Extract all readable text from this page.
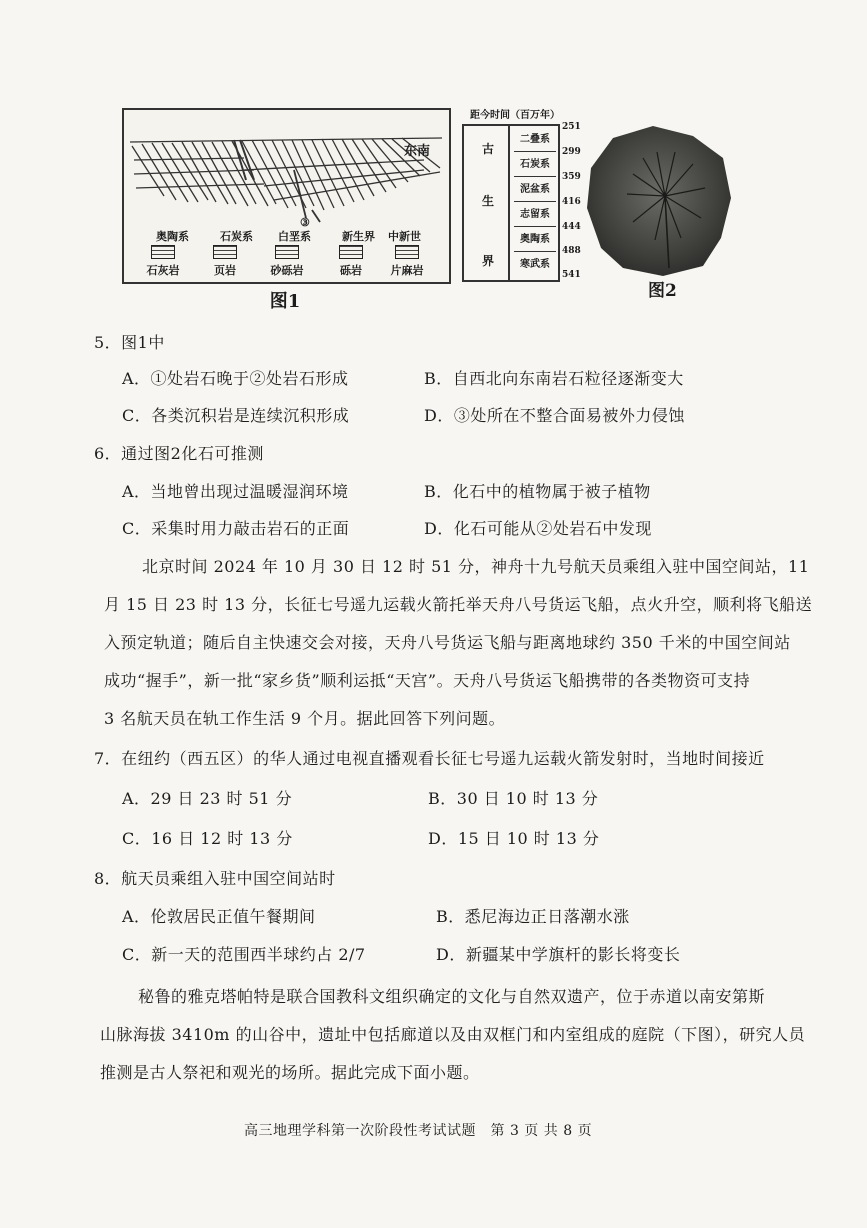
③
东南
奥陶系	石炭系 白垩系	新生界 中新世
石灰岩	页岩	砂砾岩	砾岩	片麻岩
图1
距今时间（百万年）
古
生
界
二叠系
石炭系
泥盆系
志留系
奥陶系
寒武系
251
299
359
416
444
488
541
图2
5．图1中
A．①处岩石晚于②处岩石形成	B．自西北向东南岩石粒径逐渐变大
C．各类沉积岩是连续沉积形成	D．③处所在不整合面易被外力侵蚀
6．通过图2化石可推测
A．当地曾出现过温暖湿润环境	B．化石中的植物属于被子植物
C．采集时用力敲击岩石的正面	D．化石可能从②处岩石中发现
北京时间 2024 年 10 月 30 日 12 时 51 分，神舟十九号航天员乘组入驻中国空间站，11
月 15 日 23 时 13 分，长征七号遥九运载火箭托举天舟八号货运飞船，点火升空，顺利将飞船送
入预定轨道；随后自主快速交会对接，天舟八号货运飞船与距离地球约 350 千米的中国空间站
成功“握手”，新一批“家乡货”顺利运抵“天宫”。天舟八号货运飞船携带的各类物资可支持
3 名航天员在轨工作生活 9 个月。据此回答下列问题。
7．在纽约（西五区）的华人通过电视直播观看长征七号遥九运载火箭发射时，当地时间接近
A．29 日 23 时 51 分	B．30 日 10 时 13 分
C．16 日 12 时 13 分	D．15 日 10 时 13 分
8．航天员乘组入驻中国空间站时
A．伦敦居民正值午餐期间	B．悉尼海边正日落潮水涨
C．新一天的范围西半球约占 2/7	D．新疆某中学旗杆的影长将变长
秘鲁的雅克塔帕特是联合国教科文组织确定的文化与自然双遗产，位于赤道以南安第斯
山脉海拔 3410m 的山谷中，遗址中包括廊道以及由双框门和内室组成的庭院（下图），研究人员
推测是古人祭祀和观光的场所。据此完成下面小题。
高三地理学科第一次阶段性考试试题　第 3 页 共 8 页
